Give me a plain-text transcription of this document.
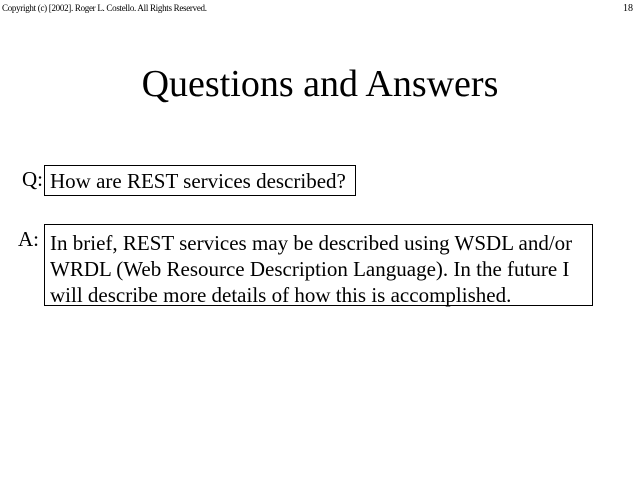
Copyright (c) [2002]. Roger L. Costello. All Rights Reserved.	18
Questions and Answers
Q: How are REST services described?
A: In brief, REST services may be described using WSDL and/or
WRDL (Web Resource Description Language). In the future I
will describe more details of how this is accomplished.
